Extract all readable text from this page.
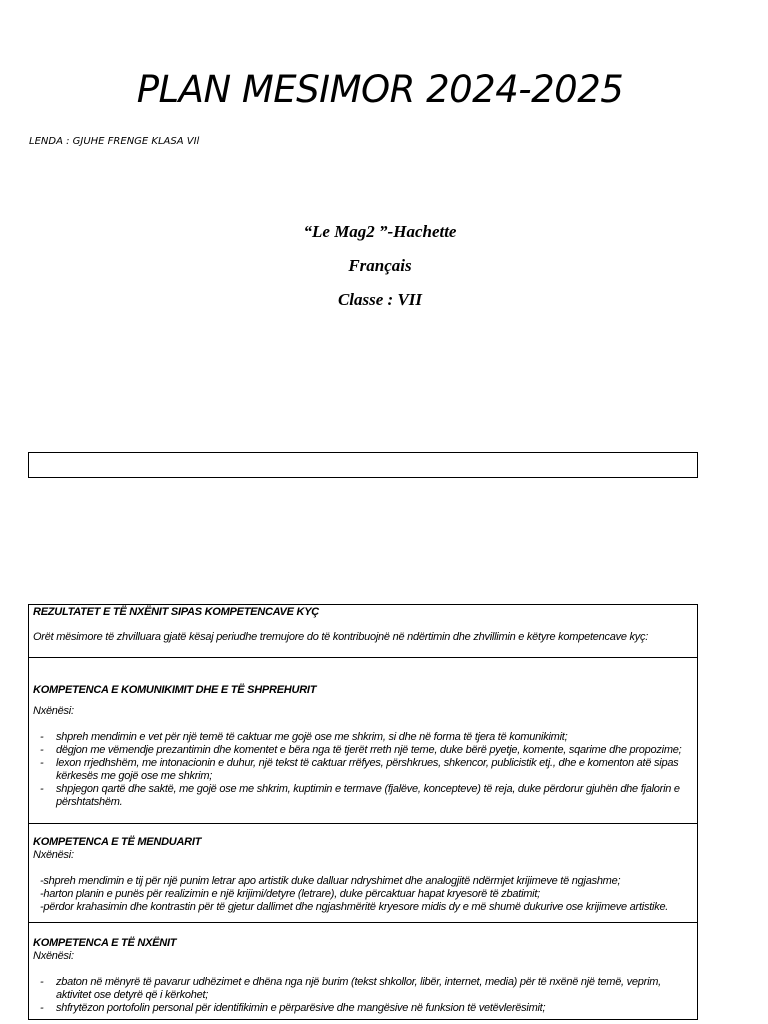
PLAN MESIMOR 2024-2025
LENDA : GJUHE FRENGE KLASA VIl
“Le Mag2 ”-Hachette
Français
Classe : VII

REZULTATET E TË NXËNIT SIPAS KOMPETENCAVE KYÇ

Orët mësimore të zhvilluara gjatë kësaj periudhe tremujore do të kontribuojnë në ndërtimin dhe zhvillimin e këtyre kompetencave kyç:

KOMPETENCA E KOMUNIKIMIT DHE E TË SHPREHURIT

Nxënësi:

- shpreh mendimin e vet për një temë të caktuar me gojë ose me shkrim, si dhe në forma të tjera të komunikimit;
- dëgjon me vëmendje prezantimin dhe komentet e bëra nga të tjerët rreth një teme, duke bërë pyetje, komente, sqarime dhe propozime;
- lexon rrjedhshëm, me intonacionin e duhur, një tekst të caktuar rrëfyes, përshkrues, shkencor, publicistik etj., dhe e komenton atë sipas kërkesës me gojë ose me shkrim;
- shpjegon qartë dhe saktë, me gojë ose me shkrim, kuptimin e termave (fjalëve, koncepteve) të reja, duke përdorur gjuhën dhe fjalorin e përshtatshëm.

KOMPETENCA E TË MENDUARIT

Nxënësi:

-shpreh mendimin e tij për një punim letrar apo artistik duke dalluar ndryshimet dhe analogjitë ndërmjet krijimeve të ngjashme;

-harton planin e punës për realizimin e një krijimi/detyre (letrare), duke përcaktuar hapat kryesorë të zbatimit;

-përdor krahasimin dhe kontrastin për të gjetur dallimet dhe ngjashmëritë kryesore midis dy e më shumë dukurive ose krijimeve artistike.

KOMPETENCA E TË NXËNIT

Nxënësi:

- zbaton në mënyrë të pavarur udhëzimet e dhëna nga një burim (tekst shkollor, libër, internet, media) për të nxënë një temë, veprim, aktivitet ose detyrë që i kërkohet;
- shfrytëzon portofolin personal për identifikimin e përparësive dhe mangësive në funksion të vetëvlerësimit;
